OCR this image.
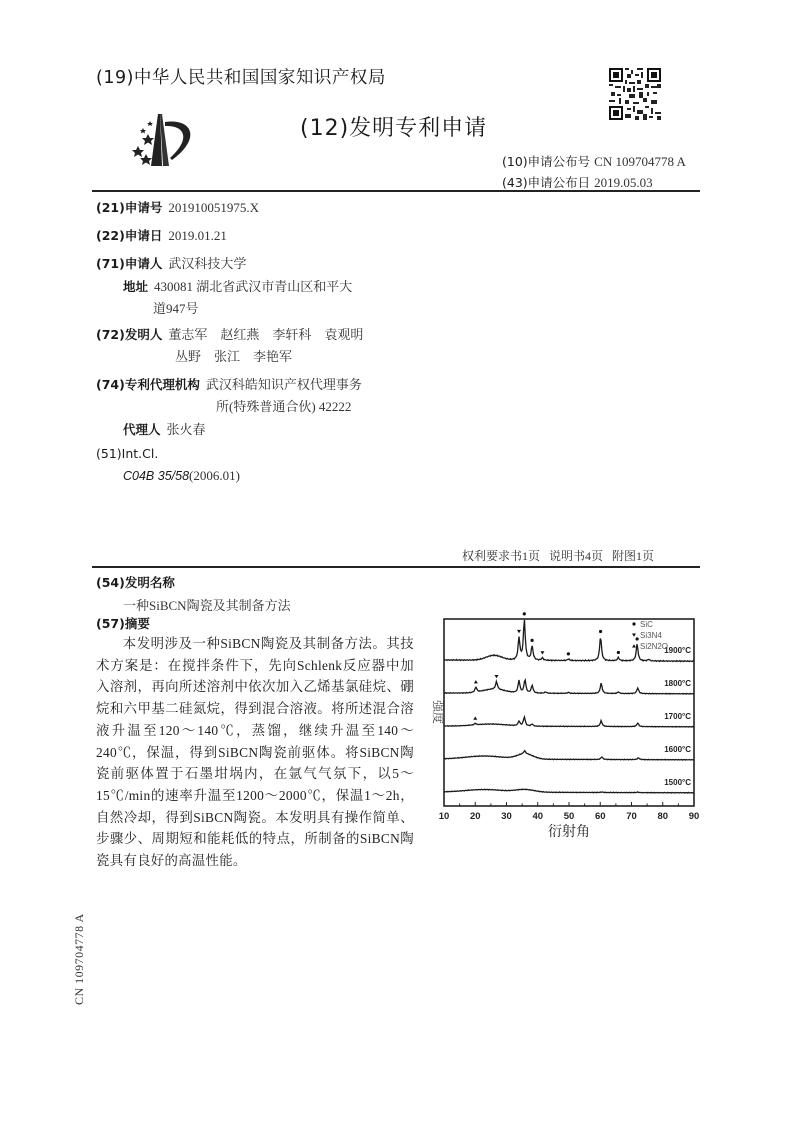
(19)中华人民共和国国家知识产权局
(12)发明专利申请
(10)申请公布号 CN 109704778 A
(43)申请公布日 2019.05.03
(21)申请号 201910051975.X
(22)申请日 2019.01.21
(71)申请人 武汉科技大学
地址 430081 湖北省武汉市青山区和平大
道947号
(72)发明人 董志军　赵红燕　李轩科　袁观明
丛野　张江　李艳军
(74)专利代理机构 武汉科皓知识产权代理事务
所(特殊普通合伙) 42222
代理人 张火春
(51)Int.Cl.
C04B 35/58(2006.01)
权利要求书1页 说明书4页 附图1页
(54)发明名称
一种SiBCN陶瓷及其制备方法
(57)摘要

本发明涉及一种SiBCN陶瓷及其制备方法。其技术方案是：在搅拌条件下，先向Schlenk反应器中加入溶剂，再向所述溶剂中依次加入乙烯基氯硅烷、硼烷和六甲基二硅氮烷，得到混合溶液。将所述混合溶液升温至120～140℃，蒸馏，继续升温至140～240℃，保温，得到SiBCN陶瓷前驱体。将SiBCN陶瓷前驱体置于石墨坩埚内，在氩气气氛下，以5～15℃/min的速率升温至1200～2000℃，保温1～2h，自然冷却，得到SiBCN陶瓷。本发明具有操作简单、步骤少、周期短和能耗低的特点，所制备的SiBCN陶瓷具有良好的高温性能。

1900°C
1800°C
1700°C
1600°C
1500°C
10 20 30 40 50 60 70 80 90
SiC
Si3N4
Si2N2O
衍射角
强度
CN 109704778 A
